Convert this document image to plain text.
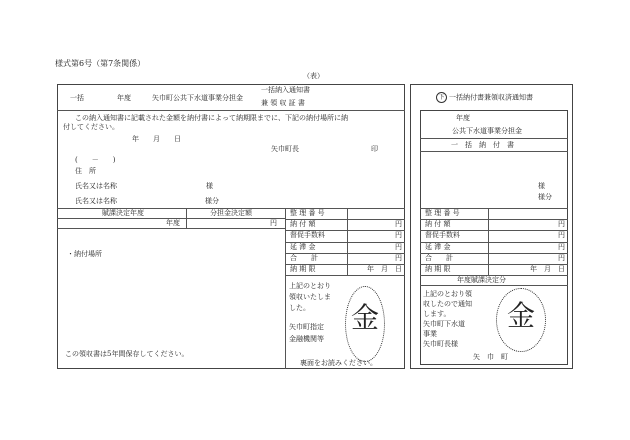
様式第6号（第7条関係）
（表）
一括	年度	矢巾町公共下水道事業分担金
一括納入通知書
兼 領 収 証 書
この納入通知書に記載された金額を納付書によって納期限までに、下記の納付場所に納
付してください。
年　　月　　日
矢巾町長	印
(　　－　　)
住　所
氏名又は名称	様
氏名又は名称	様分
賦課決定年度	分担金決定額
年度	円
・納付場所
整 理 番 号
納 付 額	円
督促手数料	円
延 滞 金	円
合　　計	円
納 期 限	年　月　日
上記のとおり
領収いたしま
した。
矢巾町指定
金融機関等
金
この領収書は5年間保存してください。
裏面をお読みください。
下 一括納付書兼領収済通知書
年度
公共下水道事業分担金
一　括　納　付　書
様
様分
整 理 番 号
納 付 額	円
督促手数料	円
延 滞 金	円
合　　計	円
納 期 限	年　月　日
年度賦課決定分
上記のとおり領
収したので通知
します。
矢巾町下水道
事業
矢巾町長様
金
矢　巾　町
